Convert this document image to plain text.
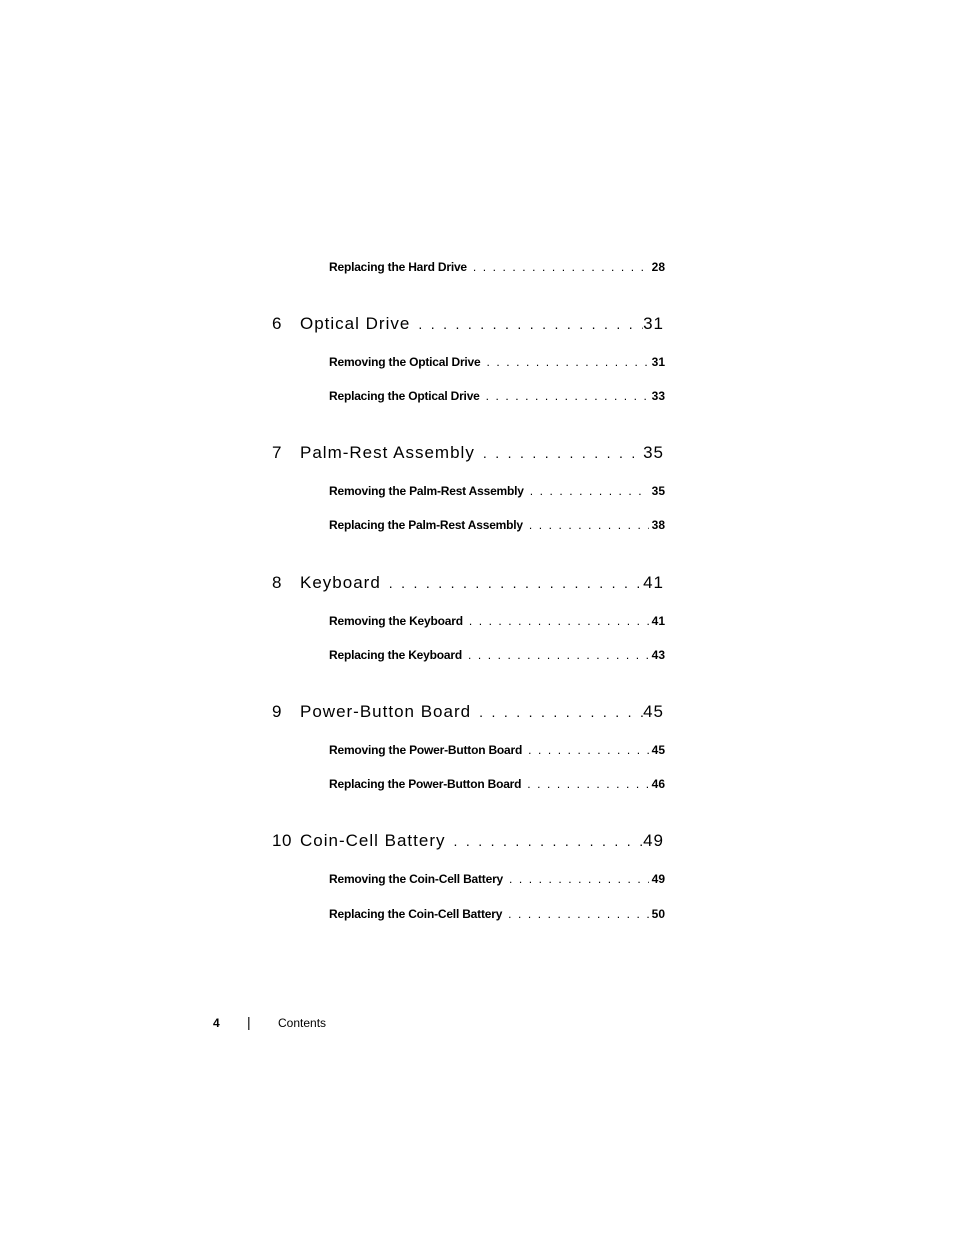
Replacing the Hard Drive . . .	28
6	Optical Drive . . .	31
Removing the Optical Drive . . .	31
Replacing the Optical Drive . . .	33
7	Palm-Rest Assembly . . .	35
Removing the Palm-Rest Assembly . . .	35
Replacing the Palm-Rest Assembly . . .	38
8	Keyboard . . .	41
Removing the Keyboard . . .	41
Replacing the Keyboard . . .	43
9	Power-Button Board . . .	45
Removing the Power-Button Board . . .	45
Replacing the Power-Button Board . . .	46
10 Coin-Cell Battery . . .	49
Removing the Coin-Cell Battery . . .	49
Replacing the Coin-Cell Battery . . .	50
4 | Contents
